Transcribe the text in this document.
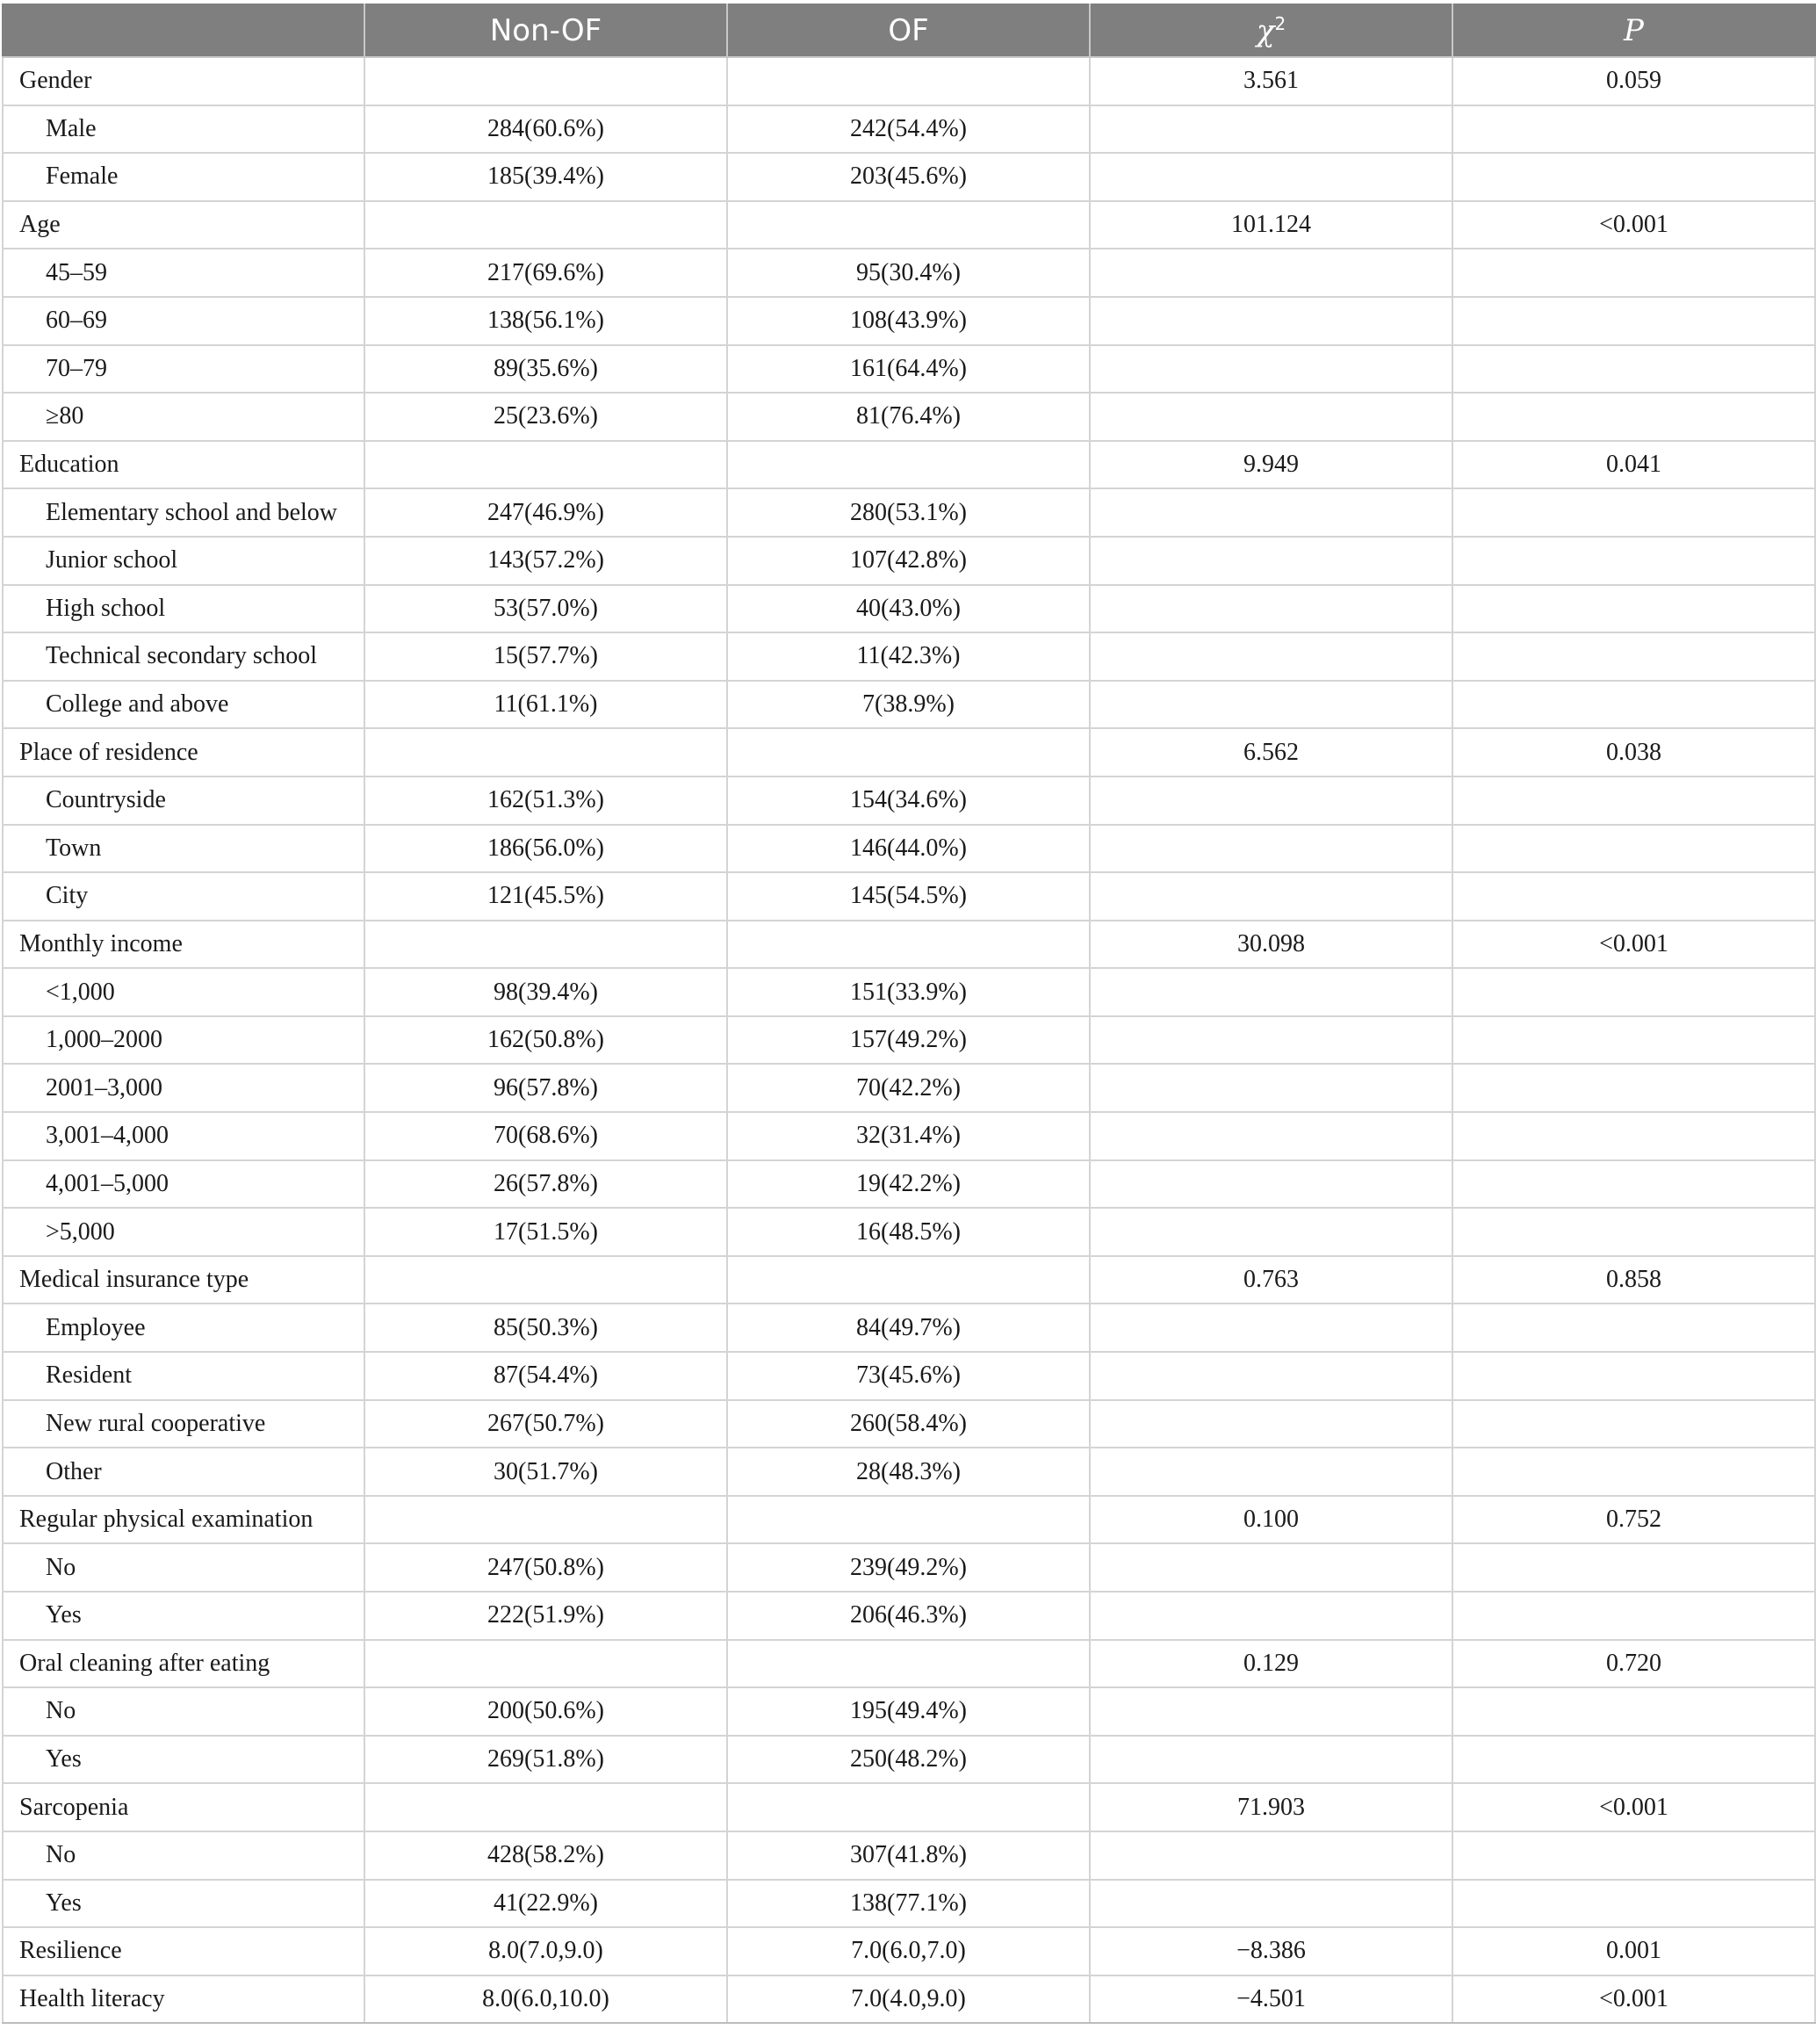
	Non-OF	OF	$\chi^2$	P
Gender			3.561	0.059
Male	284(60.6%)	242(54.4%)		
Female	185(39.4%)	203(45.6%)		
Age			101.124	<0.001
45–59	217(69.6%)	95(30.4%)		
60–69	138(56.1%)	108(43.9%)		
70–79	89(35.6%)	161(64.4%)		
≥80	25(23.6%)	81(76.4%)		
Education			9.949	0.041
Elementary school and below	247(46.9%)	280(53.1%)		
Junior school	143(57.2%)	107(42.8%)		
High school	53(57.0%)	40(43.0%)		
Technical secondary school	15(57.7%)	11(42.3%)		
College and above	11(61.1%)	7(38.9%)		
Place of residence			6.562	0.038
Countryside	162(51.3%)	154(34.6%)		
Town	186(56.0%)	146(44.0%)		
City	121(45.5%)	145(54.5%)		
Monthly income			30.098	<0.001
<1,000	98(39.4%)	151(33.9%)		
1,000–2000	162(50.8%)	157(49.2%)		
2001–3,000	96(57.8%)	70(42.2%)		
3,001–4,000	70(68.6%)	32(31.4%)		
4,001–5,000	26(57.8%)	19(42.2%)		
>5,000	17(51.5%)	16(48.5%)		
Medical insurance type			0.763	0.858
Employee	85(50.3%)	84(49.7%)		
Resident	87(54.4%)	73(45.6%)		
New rural cooperative	267(50.7%)	260(58.4%)		
Other	30(51.7%)	28(48.3%)		
Regular physical examination			0.100	0.752
No	247(50.8%)	239(49.2%)		
Yes	222(51.9%)	206(46.3%)		
Oral cleaning after eating			0.129	0.720
No	200(50.6%)	195(49.4%)		
Yes	269(51.8%)	250(48.2%)		
Sarcopenia			71.903	<0.001
No	428(58.2%)	307(41.8%)		
Yes	41(22.9%)	138(77.1%)		
Resilience	8.0(7.0,9.0)	7.0(6.0,7.0)	−8.386	0.001
Health literacy	8.0(6.0,10.0)	7.0(4.0,9.0)	−4.501	<0.001
